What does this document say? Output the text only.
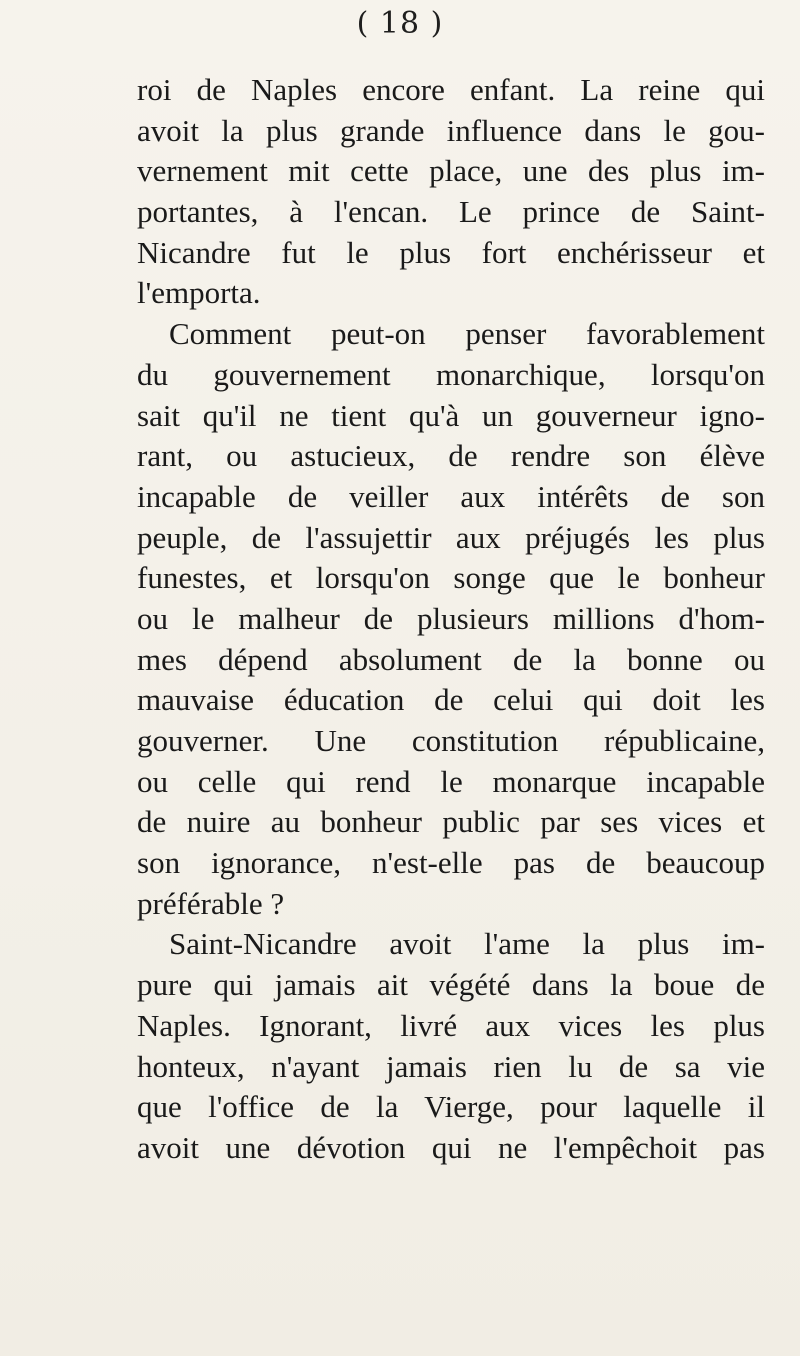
( 18 )
roi de Naples encore enfant. La reine qui
avoit la plus grande influence dans le gou-
vernement mit cette place, une des plus im-
portantes, à l'encan. Le prince de Saint-
Nicandre fut le plus fort enchérisseur et
l'emporta.
Comment peut-on penser favorablement
du gouvernement monarchique, lorsqu'on
sait qu'il ne tient qu'à un gouverneur igno-
rant, ou astucieux, de rendre son élève
incapable de veiller aux intérêts de son
peuple, de l'assujettir aux préjugés les plus
funestes, et lorsqu'on songe que le bonheur
ou le malheur de plusieurs millions d'hom-
mes dépend absolument de la bonne ou
mauvaise éducation de celui qui doit les
gouverner. Une constitution républicaine,
ou celle qui rend le monarque incapable
de nuire au bonheur public par ses vices et
son ignorance, n'est-elle pas de beaucoup
préférable ?
Saint-Nicandre avoit l'ame la plus im-
pure qui jamais ait végété dans la boue de
Naples. Ignorant, livré aux vices les plus
honteux, n'ayant jamais rien lu de sa vie
que l'office de la Vierge, pour laquelle il
avoit une dévotion qui ne l'empêchoit pas
